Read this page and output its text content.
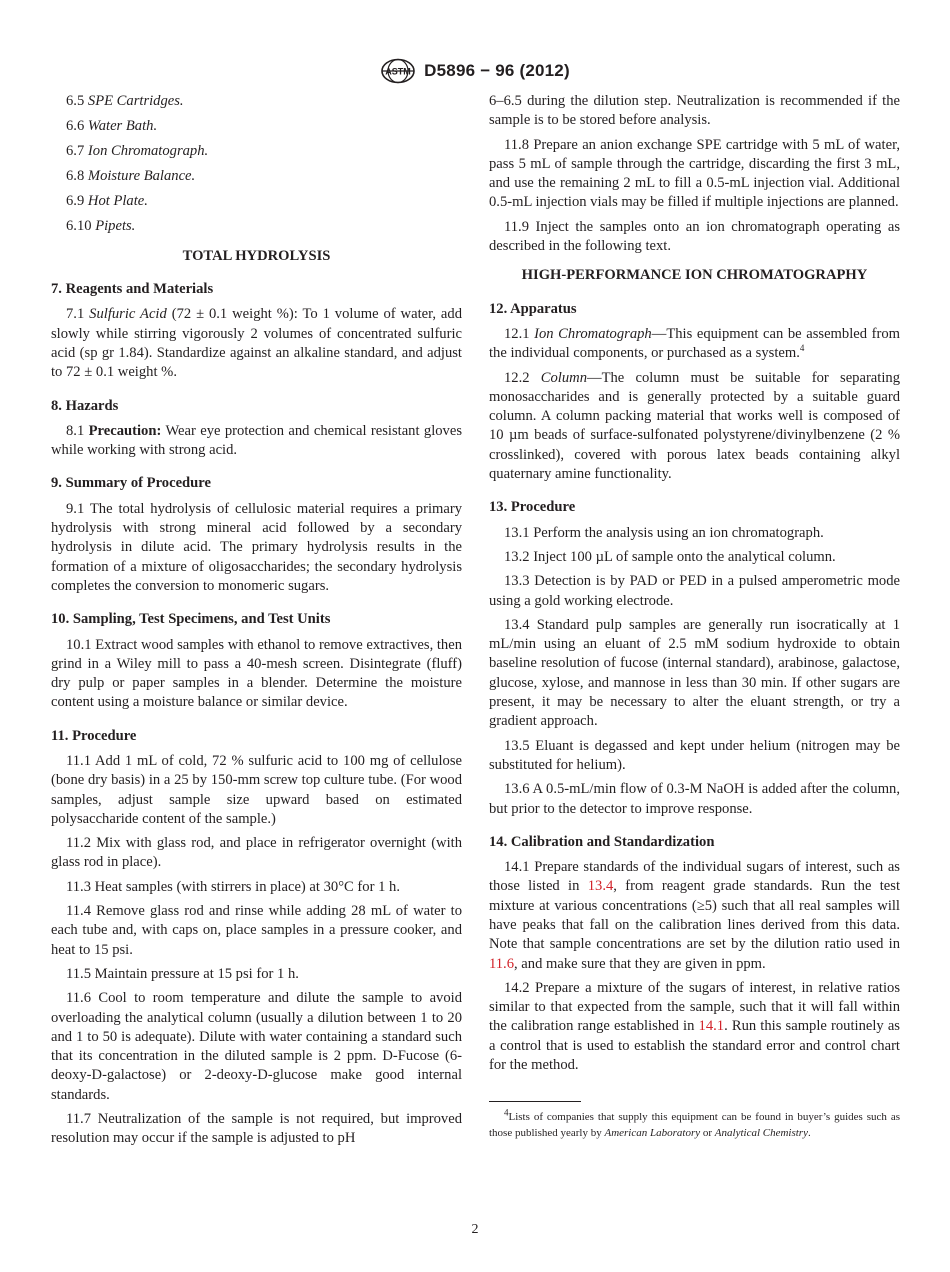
ASTM D5896 − 96 (2012)

6.5 SPE Cartridges.

6.6 Water Bath.

6.7 Ion Chromatograph.

6.8 Moisture Balance.

6.9 Hot Plate.

6.10 Pipets.

TOTAL HYDROLYSIS
7. Reagents and Materials

7.1 Sulfuric Acid (72 ± 0.1 weight %): To 1 volume of water, add slowly while stirring vigorously 2 volumes of concentrated sulfuric acid (sp gr 1.84). Standardize against an alkaline standard, and adjust to 72 ± 0.1 weight %.

8. Hazards

8.1 Precaution: Wear eye protection and chemical resistant gloves while working with strong acid.

9. Summary of Procedure

9.1 The total hydrolysis of cellulosic material requires a primary hydrolysis with strong mineral acid followed by a secondary hydrolysis in dilute acid. The primary hydrolysis results in the formation of a mixture of oligosaccharides; the secondary hydrolysis completes the conversion to monomeric sugars.

10. Sampling, Test Specimens, and Test Units

10.1 Extract wood samples with ethanol to remove extractives, then grind in a Wiley mill to pass a 40-mesh screen. Disintegrate (fluff) dry pulp or paper samples in a blender. Determine the moisture content using a moisture balance or similar device.

11. Procedure

11.1 Add 1 mL of cold, 72 % sulfuric acid to 100 mg of cellulose (bone dry basis) in a 25 by 150-mm screw top culture tube. (For wood samples, adjust sample size upward based on estimated polysaccharide content of the sample.)

11.2 Mix with glass rod, and place in refrigerator overnight (with glass rod in place).

11.3 Heat samples (with stirrers in place) at 30°C for 1 h.

11.4 Remove glass rod and rinse while adding 28 mL of water to each tube and, with caps on, place samples in a pressure cooker, and heat to 15 psi.

11.5 Maintain pressure at 15 psi for 1 h.

11.6 Cool to room temperature and dilute the sample to avoid overloading the analytical column (usually a dilution between 1 to 20 and 1 to 50 is adequate). Dilute with water containing a standard such that its concentration in the diluted sample is 2 ppm. D-Fucose (6-deoxy-D-galactose) or 2-deoxy-D-glucose make good internal standards.

11.7 Neutralization of the sample is not required, but improved resolution may occur if the sample is adjusted to pH

6–6.5 during the dilution step. Neutralization is recommended if the sample is to be stored before analysis.

11.8 Prepare an anion exchange SPE cartridge with 5 mL of water, pass 5 mL of sample through the cartridge, discarding the first 3 mL, and use the remaining 2 mL to fill a 0.5-mL injection vial. Additional 0.5-mL injection vials may be filled if multiple injections are planned.

11.9 Inject the samples onto an ion chromatograph operating as described in the following text.

HIGH-PERFORMANCE ION CHROMATOGRAPHY
12. Apparatus

12.1 Ion Chromatograph—This equipment can be assembled from the individual components, or purchased as a system.$^4$

12.2 Column—The column must be suitable for separating monosaccharides and is generally protected by a suitable guard column. A column packing material that works well is composed of 10 µm beads of surface-sulfonated polystyrene/divinylbenzene (2 % crosslinked), covered with porous latex beads containing alkyl quaternary amine functionality.

13. Procedure

13.1 Perform the analysis using an ion chromatograph.

13.2 Inject 100 µL of sample onto the analytical column.

13.3 Detection is by PAD or PED in a pulsed amperometric mode using a gold working electrode.

13.4 Standard pulp samples are generally run isocratically at 1 mL/min using an eluant of 2.5 mM sodium hydroxide to obtain baseline resolution of fucose (internal standard), arabinose, galactose, glucose, xylose, and mannose in less than 30 min. If other sugars are present, it may be necessary to alter the eluant strength, or try a gradient approach.

13.5 Eluant is degassed and kept under helium (nitrogen may be substituted for helium).

13.6 A 0.5-mL/min flow of 0.3-M NaOH is added after the column, but prior to the detector to improve response.

14. Calibration and Standardization

14.1 Prepare standards of the individual sugars of interest, such as those listed in 13.4, from reagent grade standards. Run the test mixture at various concentrations (≥5) such that all real samples will have peaks that fall on the calibration lines derived from this data. Note that sample concentrations are set by the dilution ratio used in 11.6, and make sure that they are given in ppm.

14.2 Prepare a mixture of the sugars of interest, in relative ratios similar to that expected from the sample, such that it will fall within the calibration range established in 14.1. Run this sample routinely as a control that is used to establish the standard error and control chart for the method.

$^4$Lists of companies that supply this equipment can be found in buyer’s guides such as those published yearly by American Laboratory or Analytical Chemistry.

2
